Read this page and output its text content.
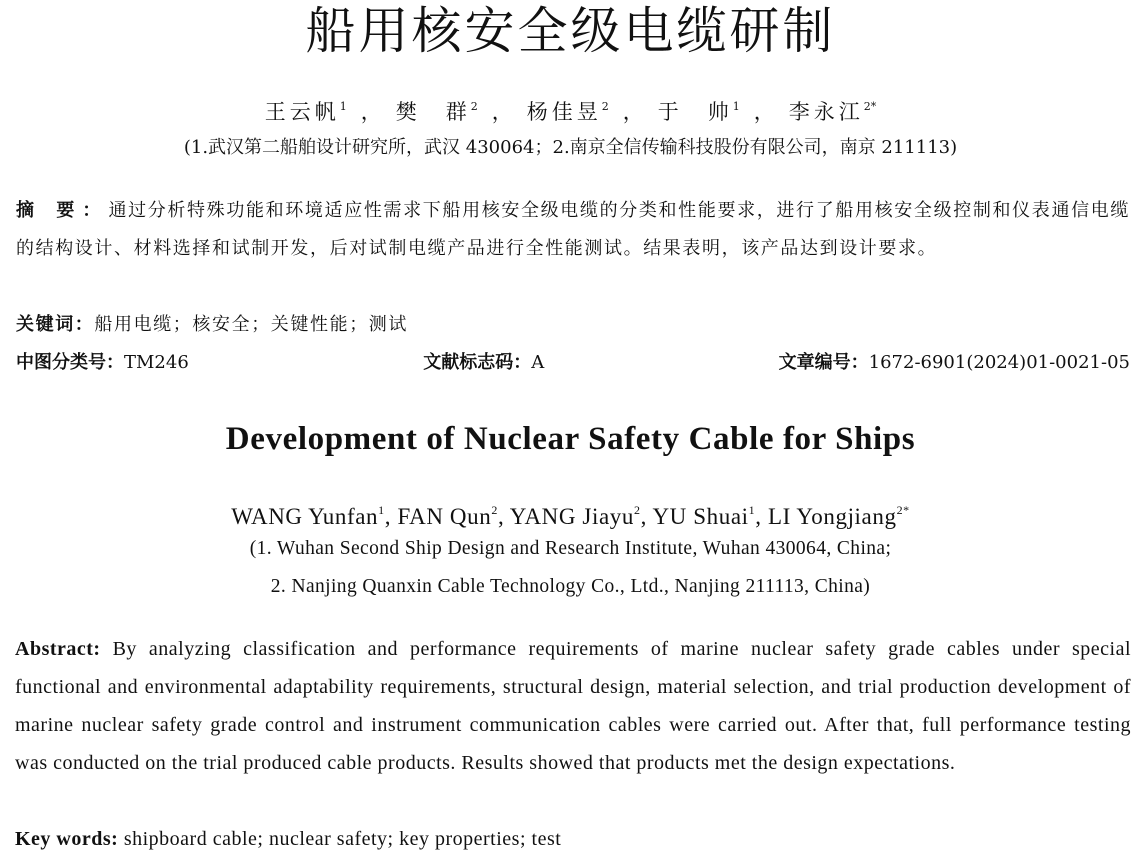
船用核安全级电缆研制
王云帆$^1$ ， 樊　群$^2$ ， 杨佳昱$^2$ ， 于　帅$^1$ ， 李永江$^{2*}$
(1.武汉第二船舶设计研究所，武汉 430064；2.南京全信传输科技股份有限公司，南京 211113)
摘 要：通过分析特殊功能和环境适应性需求下船用核安全级电缆的分类和性能要求，进行了船用核安全级控制和仪表通信电缆的结构设计、材料选择和试制开发，后对试制电缆产品进行全性能测试。结果表明，该产品达到设计要求。
关键词：船用电缆；核安全；关键性能；测试
中图分类号：TM246	文献标志码：A	文章编号：1672-6901(2024)01-0021-05
Development of Nuclear Safety Cable for Ships
WANG Yunfan$^1$, FAN Qun$^2$, YANG Jiayu$^2$, YU Shuai$^1$, LI Yongjiang$^{2*}$
(1. Wuhan Second Ship Design and Research Institute, Wuhan 430064, China;
2. Nanjing Quanxin Cable Technology Co., Ltd., Nanjing 211113, China)
Abstract: By analyzing classification and performance requirements of marine nuclear safety grade cables under special functional and environmental adaptability requirements, structural design, material selection, and trial production development of marine nuclear safety grade control and instrument communication cables were carried out. After that, full performance testing was conducted on the trial produced cable products. Results showed that products met the design expectations.
Key words: shipboard cable; nuclear safety; key properties; test
